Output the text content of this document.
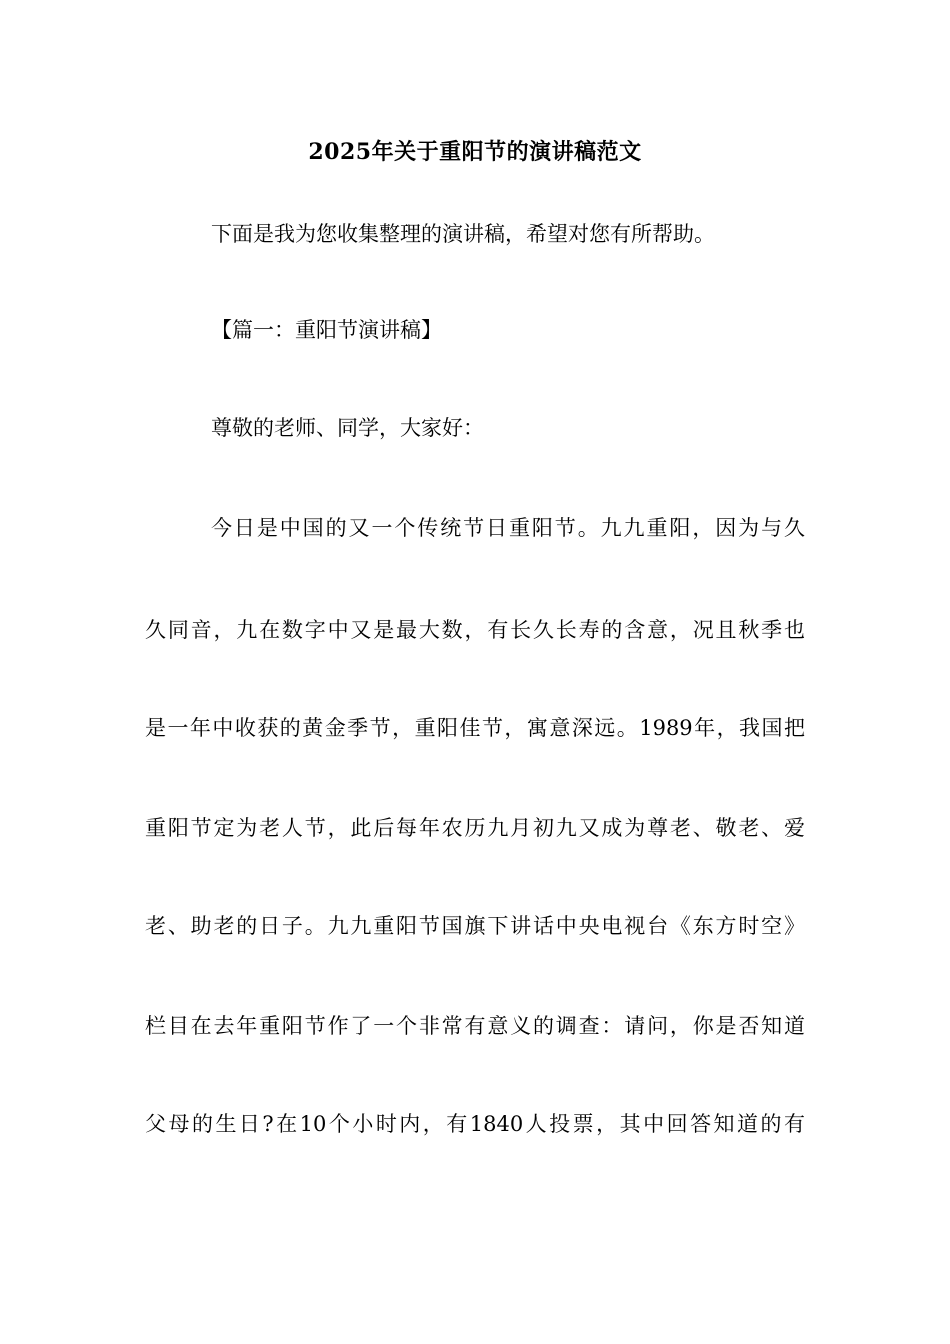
2025年关于重阳节的演讲稿范文
下面是我为您收集整理的演讲稿，希望对您有所帮助。
【篇一：重阳节演讲稿】
尊敬的老师、同学，大家好：
今日是中国的又一个传统节日重阳节。九九重阳，因为与久
久同音，九在数字中又是最大数，有长久长寿的含意，况且秋季也
是一年中收获的黄金季节，重阳佳节，寓意深远。1989年，我国把
重阳节定为老人节，此后每年农历九月初九又成为尊老、敬老、爱
老、助老的日子。九九重阳节国旗下讲话中央电视台《东方时空》
栏目在去年重阳节作了一个非常有意义的调查：请问，你是否知道
父母的生日?在10个小时内，有1840人投票，其中回答知道的有
